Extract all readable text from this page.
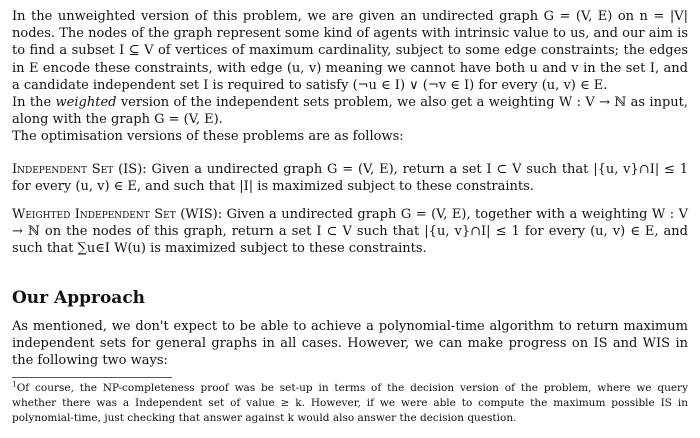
In the unweighted version of this problem, we are given an undirected graph G = (V, E) on n = |V| nodes. The nodes of the graph represent some kind of agents with intrinsic value to us, and our aim is to find a subset I ⊆ V of vertices of maximum cardinality, subject to some edge constraints; the edges in E encode these constraints, with edge (u, v) meaning we cannot have both u and v in the set I, and a candidate independent set I is required to satisfy (¬u ∈ I) ∨ (¬v ∈ I) for every (u, v) ∈ E.
In the weighted version of the independent sets problem, we also get a weighting W : V → ℕ as input, along with the graph G = (V, E).
The optimisation versions of these problems are as follows:

Independent Set (IS): Given a undirected graph G = (V, E), return a set I ⊂ V such that |{u, v}∩I| ≤ 1 for every (u, v) ∈ E, and such that |I| is maximized subject to these constraints.

Weighted Independent Set (WIS): Given a undirected graph G = (V, E), together with a weighting W : V → ℕ on the nodes of this graph, return a set I ⊂ V such that |{u, v}∩I| ≤ 1 for every (u, v) ∈ E, and such that ∑u∈I W(u) is maximized subject to these constraints.

Our Approach

As mentioned, we don't expect to be able to achieve a polynomial-time algorithm to return maximum independent sets for general graphs in all cases. However, we can make progress on IS and WIS in the following two ways:

$^1$Of course, the NP-completeness proof was be set-up in terms of the decision version of the problem, where we query whether there was a Independent set of value ≥ k. However, if we were able to compute the maximum possible IS in polynomial-time, just checking that answer against k would also answer the decision question.
